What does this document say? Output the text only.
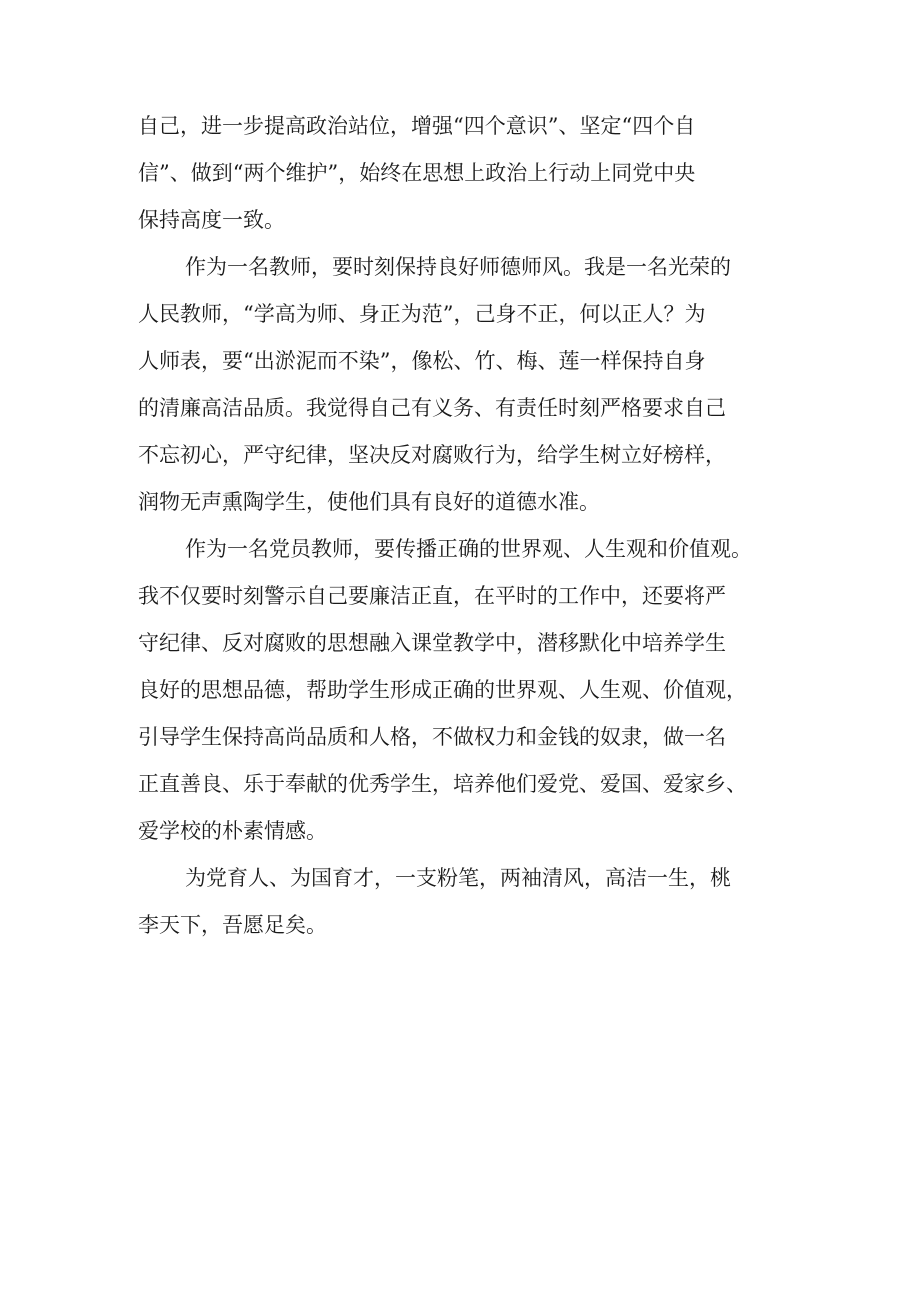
自己，进一步提高政治站位，增强“四个意识”、坚定“四个自
信”、做到“两个维护”，始终在思想上政治上行动上同党中央
保持高度一致。
作为一名教师，要时刻保持良好师德师风。我是一名光荣的
人民教师，“学高为师、身正为范”，己身不正，何以正人？为
人师表，要“出淤泥而不染”，像松、竹、梅、莲一样保持自身
的清廉高洁品质。我觉得自己有义务、有责任时刻严格要求自己
不忘初心，严守纪律，坚决反对腐败行为，给学生树立好榜样，
润物无声熏陶学生，使他们具有良好的道德水准。
作为一名党员教师，要传播正确的世界观、人生观和价值观。
我不仅要时刻警示自己要廉洁正直，在平时的工作中，还要将严
守纪律、反对腐败的思想融入课堂教学中，潜移默化中培养学生
良好的思想品德，帮助学生形成正确的世界观、人生观、价值观，
引导学生保持高尚品质和人格，不做权力和金钱的奴隶，做一名
正直善良、乐于奉献的优秀学生，培养他们爱党、爱国、爱家乡、
爱学校的朴素情感。
为党育人、为国育才，一支粉笔，两袖清风，高洁一生，桃
李天下，吾愿足矣。
